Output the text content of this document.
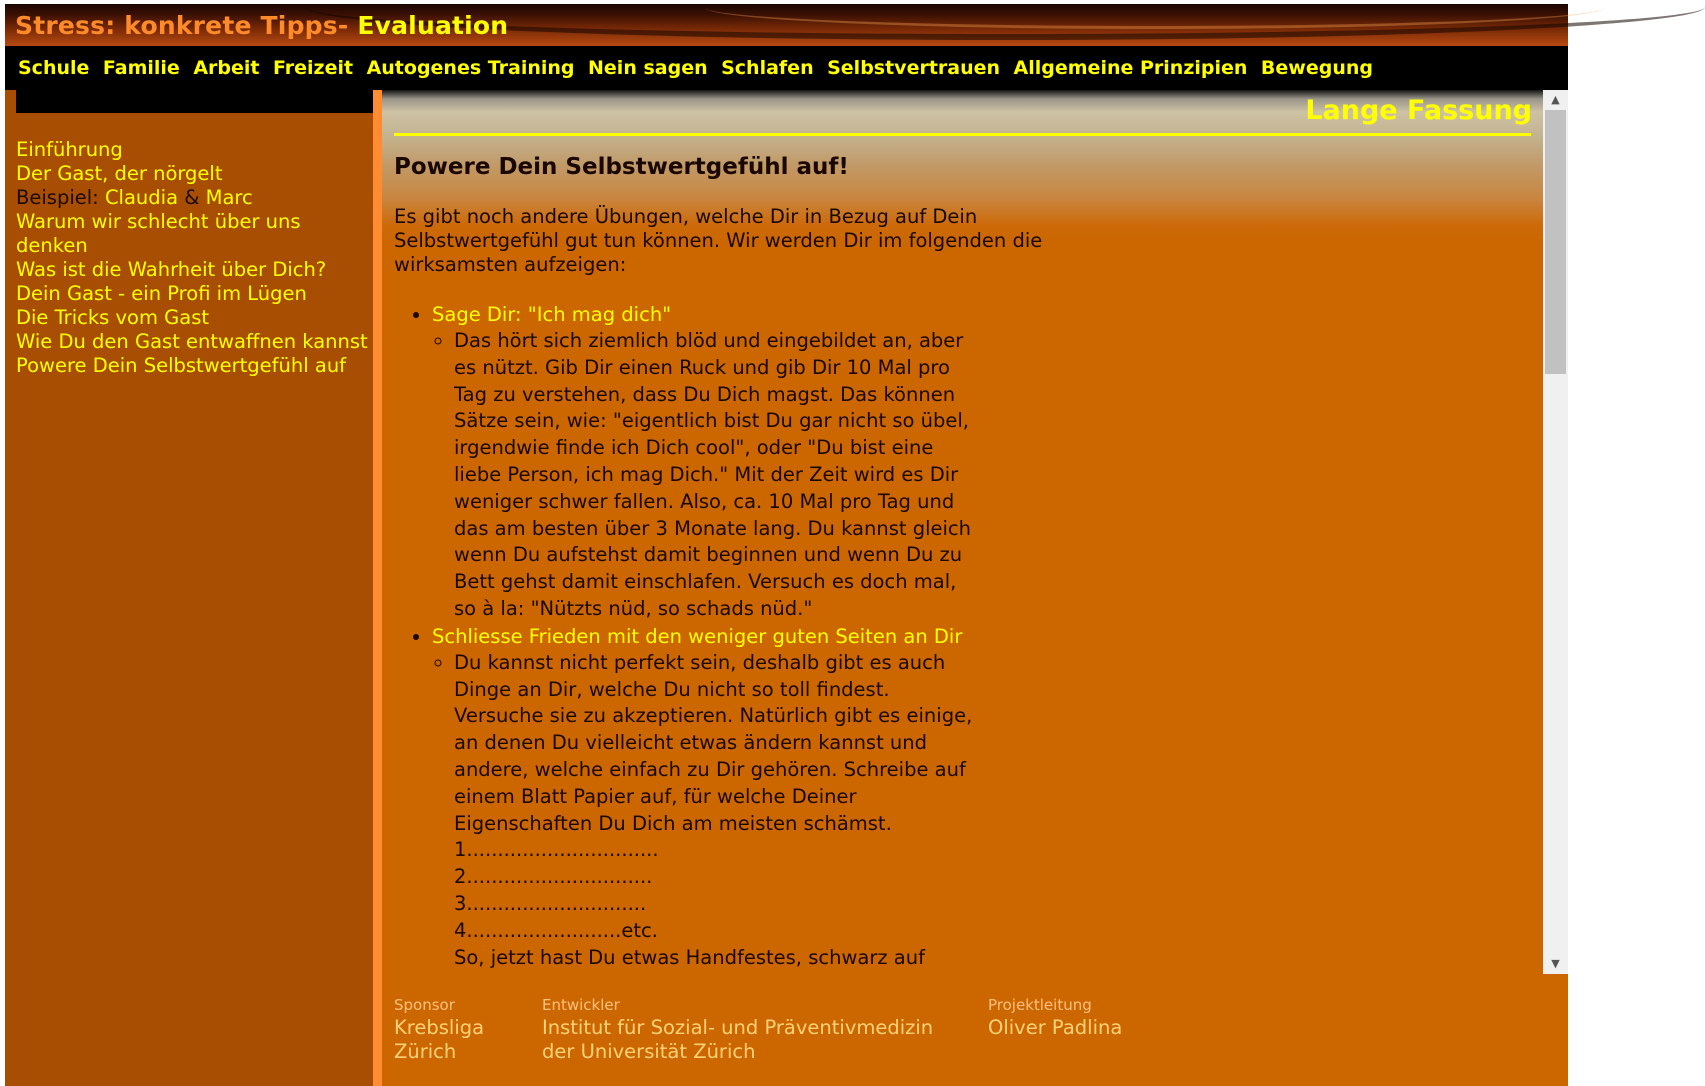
Stress: konkrete Tipps- Evaluation
Schule Familie Arbeit Freizeit Autogenes Training Nein sagen Schlafen Selbstvertrauen Allgemeine Prinzipien Bewegung
Einführung
Der Gast, der nörgelt
Beispiel: Claudia & Marc
Warum wir schlecht über uns denken
Was ist die Wahrheit über Dich?
Dein Gast - ein Profi im Lügen
Die Tricks vom Gast
Wie Du den Gast entwaffnen kannst
Powere Dein Selbstwertgefühl auf
Lange Fassung
Powere Dein Selbstwertgefühl auf!

Es gibt noch andere Übungen, welche Dir in Bezug auf Dein Selbstwertgefühl gut tun können. Wir werden Dir im folgenden die wirksamsten aufzeigen:

• Sage Dir: "Ich mag dich"
◦ Das hört sich ziemlich blöd und eingebildet an, aber es nützt. Gib Dir einen Ruck und gib Dir 10 Mal pro Tag zu verstehen, dass Du Dich magst. Das können Sätze sein, wie: "eigentlich bist Du gar nicht so übel, irgendwie finde ich Dich cool", oder "Du bist eine liebe Person, ich mag Dich." Mit der Zeit wird es Dir weniger schwer fallen. Also, ca. 10 Mal pro Tag und das am besten über 3 Monate lang. Du kannst gleich wenn Du aufstehst damit beginnen und wenn Du zu Bett gehst damit einschlafen. Versuch es doch mal, so à la: "Nützts nüd, so schads nüd."
• Schliesse Frieden mit den weniger guten Seiten an Dir
◦ Du kannst nicht perfekt sein, deshalb gibt es auch Dinge an Dir, welche Du nicht so toll findest. Versuche sie zu akzeptieren. Natürlich gibt es einige, an denen Du vielleicht etwas ändern kannst und andere, welche einfach zu Dir gehören. Schreibe auf einem Blatt Papier auf, für welche Deiner Eigenschaften Du Dich am meisten schämst.
1...............................
2..............................
3.............................
4.........................etc.
So, jetzt hast Du etwas Handfestes, schwarz auf
▲
▼
Sponsor
Krebsliga Zürich
Entwickler
Institut für Sozial- und Präventivmedizin der Universität Zürich
Projektleitung
Oliver Padlina
